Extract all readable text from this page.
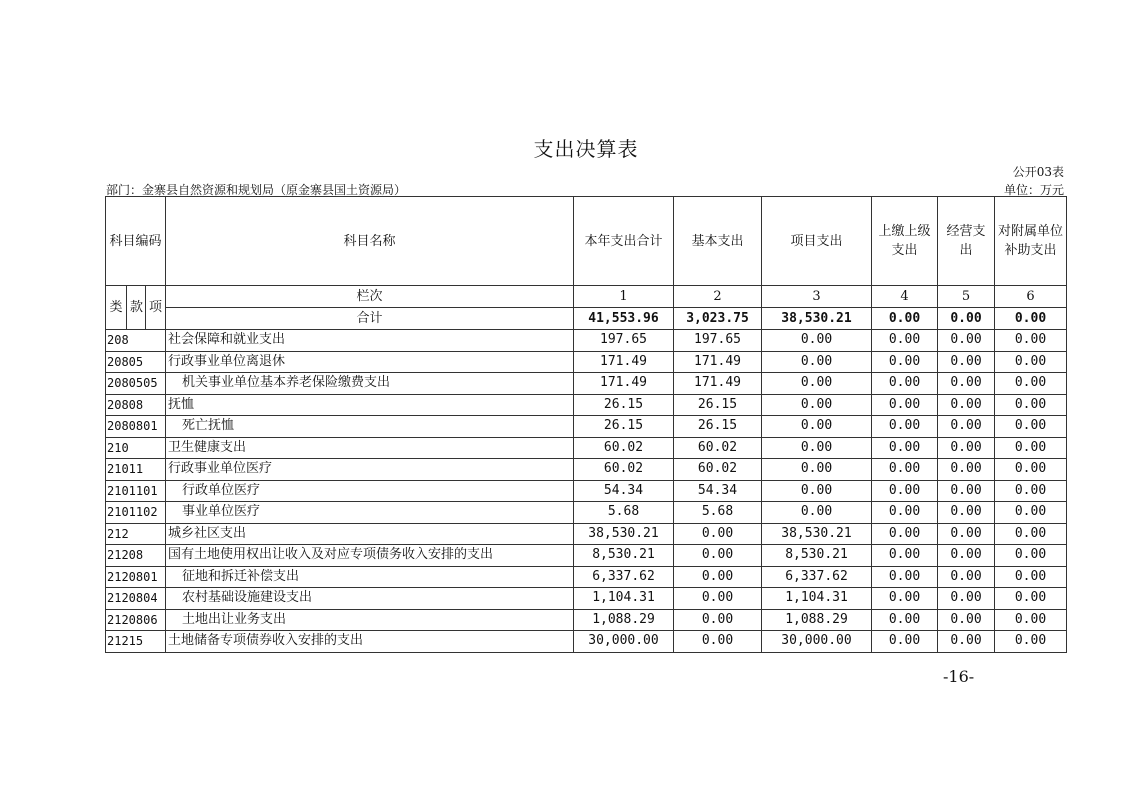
支出决算表
公开03表
部门：金寨县自然资源和规划局（原金寨县国土资源局）	单位：万元
科目编码			科目名称	本年支出合计	基本支出	项目支出	上缴上级支出	经营支出	对附属单位补助支出
类	款	项	栏次	1	2	3	4	5	6
			合计	41,553.96	3,023.75	38,530.21	0.00	0.00	0.00
208			社会保障和就业支出	197.65	197.65	0.00	0.00	0.00	0.00
20805			行政事业单位离退休	171.49	171.49	0.00	0.00	0.00	0.00
2080505			机关事业单位基本养老保险缴费支出	171.49	171.49	0.00	0.00	0.00	0.00
20808			抚恤	26.15	26.15	0.00	0.00	0.00	0.00
2080801			死亡抚恤	26.15	26.15	0.00	0.00	0.00	0.00
210			卫生健康支出	60.02	60.02	0.00	0.00	0.00	0.00
21011			行政事业单位医疗	60.02	60.02	0.00	0.00	0.00	0.00
2101101			行政单位医疗	54.34	54.34	0.00	0.00	0.00	0.00
2101102			事业单位医疗	5.68	5.68	0.00	0.00	0.00	0.00
212			城乡社区支出	38,530.21	0.00	38,530.21	0.00	0.00	0.00
21208			国有土地使用权出让收入及对应专项债务收入安排的支出	8,530.21	0.00	8,530.21	0.00	0.00	0.00
2120801			征地和拆迁补偿支出	6,337.62	0.00	6,337.62	0.00	0.00	0.00
2120804			农村基础设施建设支出	1,104.31	0.00	1,104.31	0.00	0.00	0.00
2120806			土地出让业务支出	1,088.29	0.00	1,088.29	0.00	0.00	0.00
21215			土地储备专项债券收入安排的支出	30,000.00	0.00	30,000.00	0.00	0.00	0.00
-16-
